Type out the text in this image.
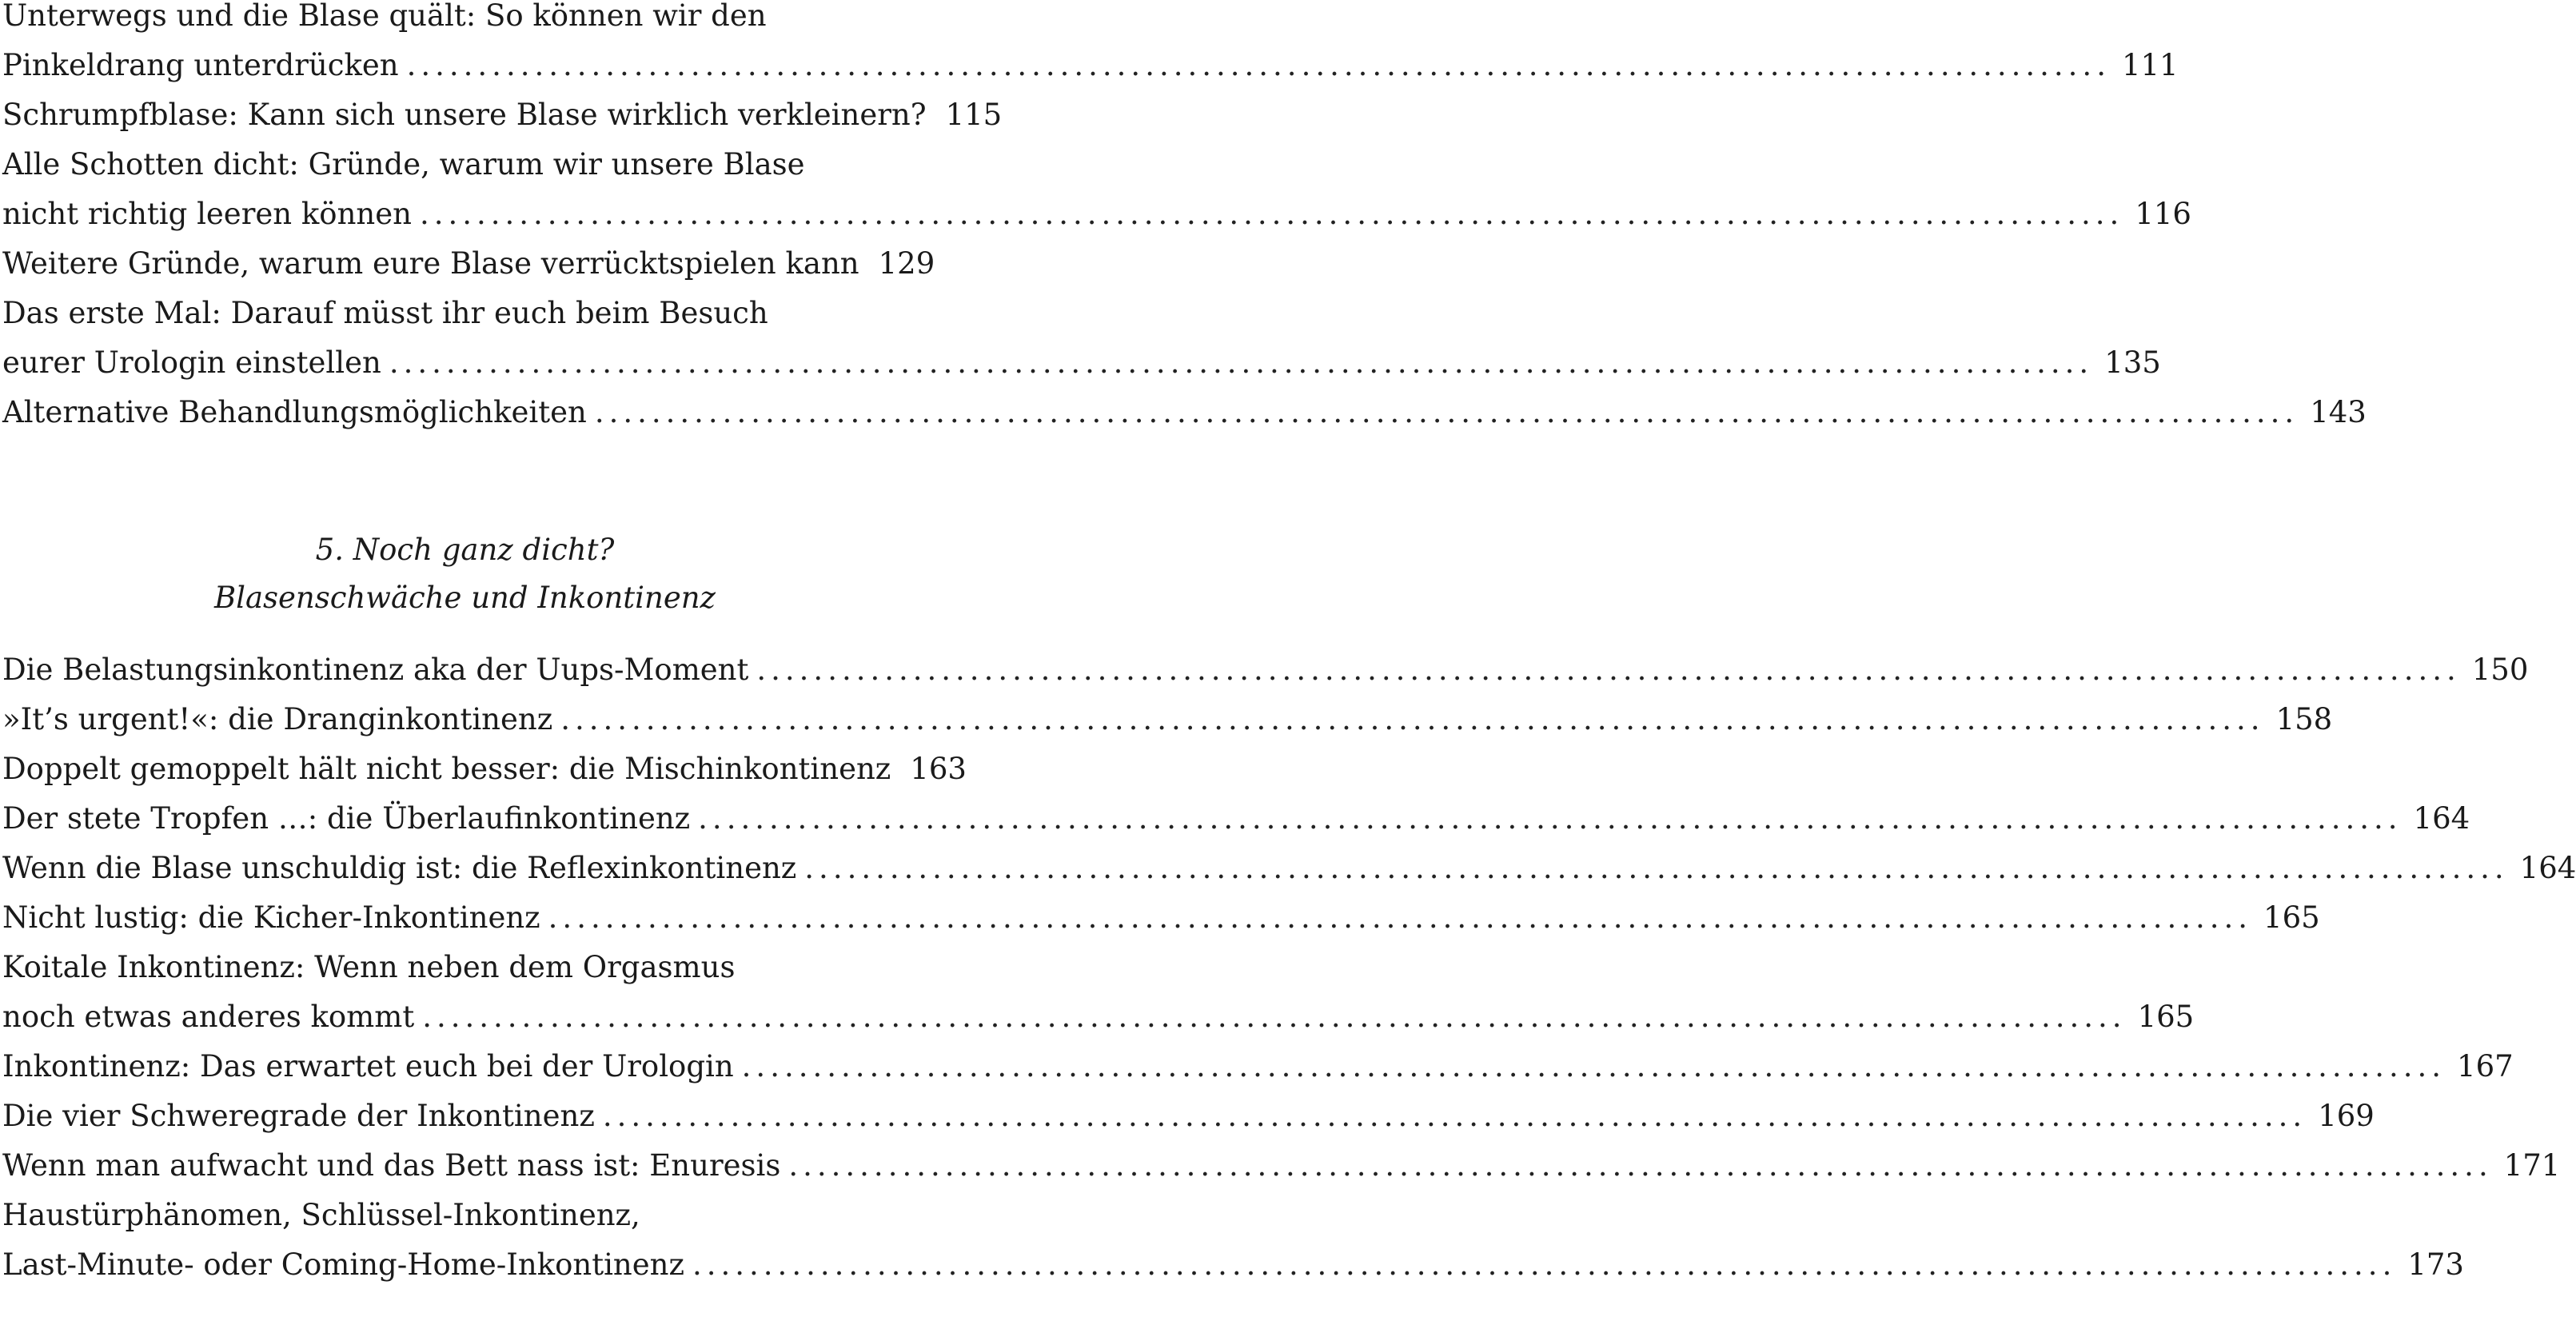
Unterwegs und die Blase quält: So können wir den
Pinkeldrang unterdrücken ........................................................................................................................ 111
Schrumpfblase: Kann sich unsere Blase wirklich verkleinern? 115
Alle Schotten dicht: Gründe, warum wir unsere Blase
nicht richtig leeren können ........................................................................................................................ 116
Weitere Gründe, warum eure Blase verrücktspielen kann 129
Das erste Mal: Darauf müsst ihr euch beim Besuch
eurer Urologin einstellen ........................................................................................................................ 135
Alternative Behandlungsmöglichkeiten ........................................................................................................................ 143
5. Noch ganz dicht?
Blasenschwäche und Inkontinenz
Die Belastungsinkontinenz aka der Uups-Moment ........................................................................................................................ 150
»It’s urgent!«: die Dranginkontinenz ........................................................................................................................ 158
Doppelt gemoppelt hält nicht besser: die Mischinkontinenz 163
Der stete Tropfen …: die Überlaufinkontinenz ........................................................................................................................ 164
Wenn die Blase unschuldig ist: die Reflexinkontinenz ........................................................................................................................ 164
Nicht lustig: die Kicher-Inkontinenz ........................................................................................................................ 165
Koitale Inkontinenz: Wenn neben dem Orgasmus
noch etwas anderes kommt ........................................................................................................................ 165
Inkontinenz: Das erwartet euch bei der Urologin ........................................................................................................................ 167
Die vier Schweregrade der Inkontinenz ........................................................................................................................ 169
Wenn man aufwacht und das Bett nass ist: Enuresis ........................................................................................................................ 171
Haustürphänomen, Schlüssel-Inkontinenz,
Last-Minute- oder Coming-Home-Inkontinenz ........................................................................................................................ 173
